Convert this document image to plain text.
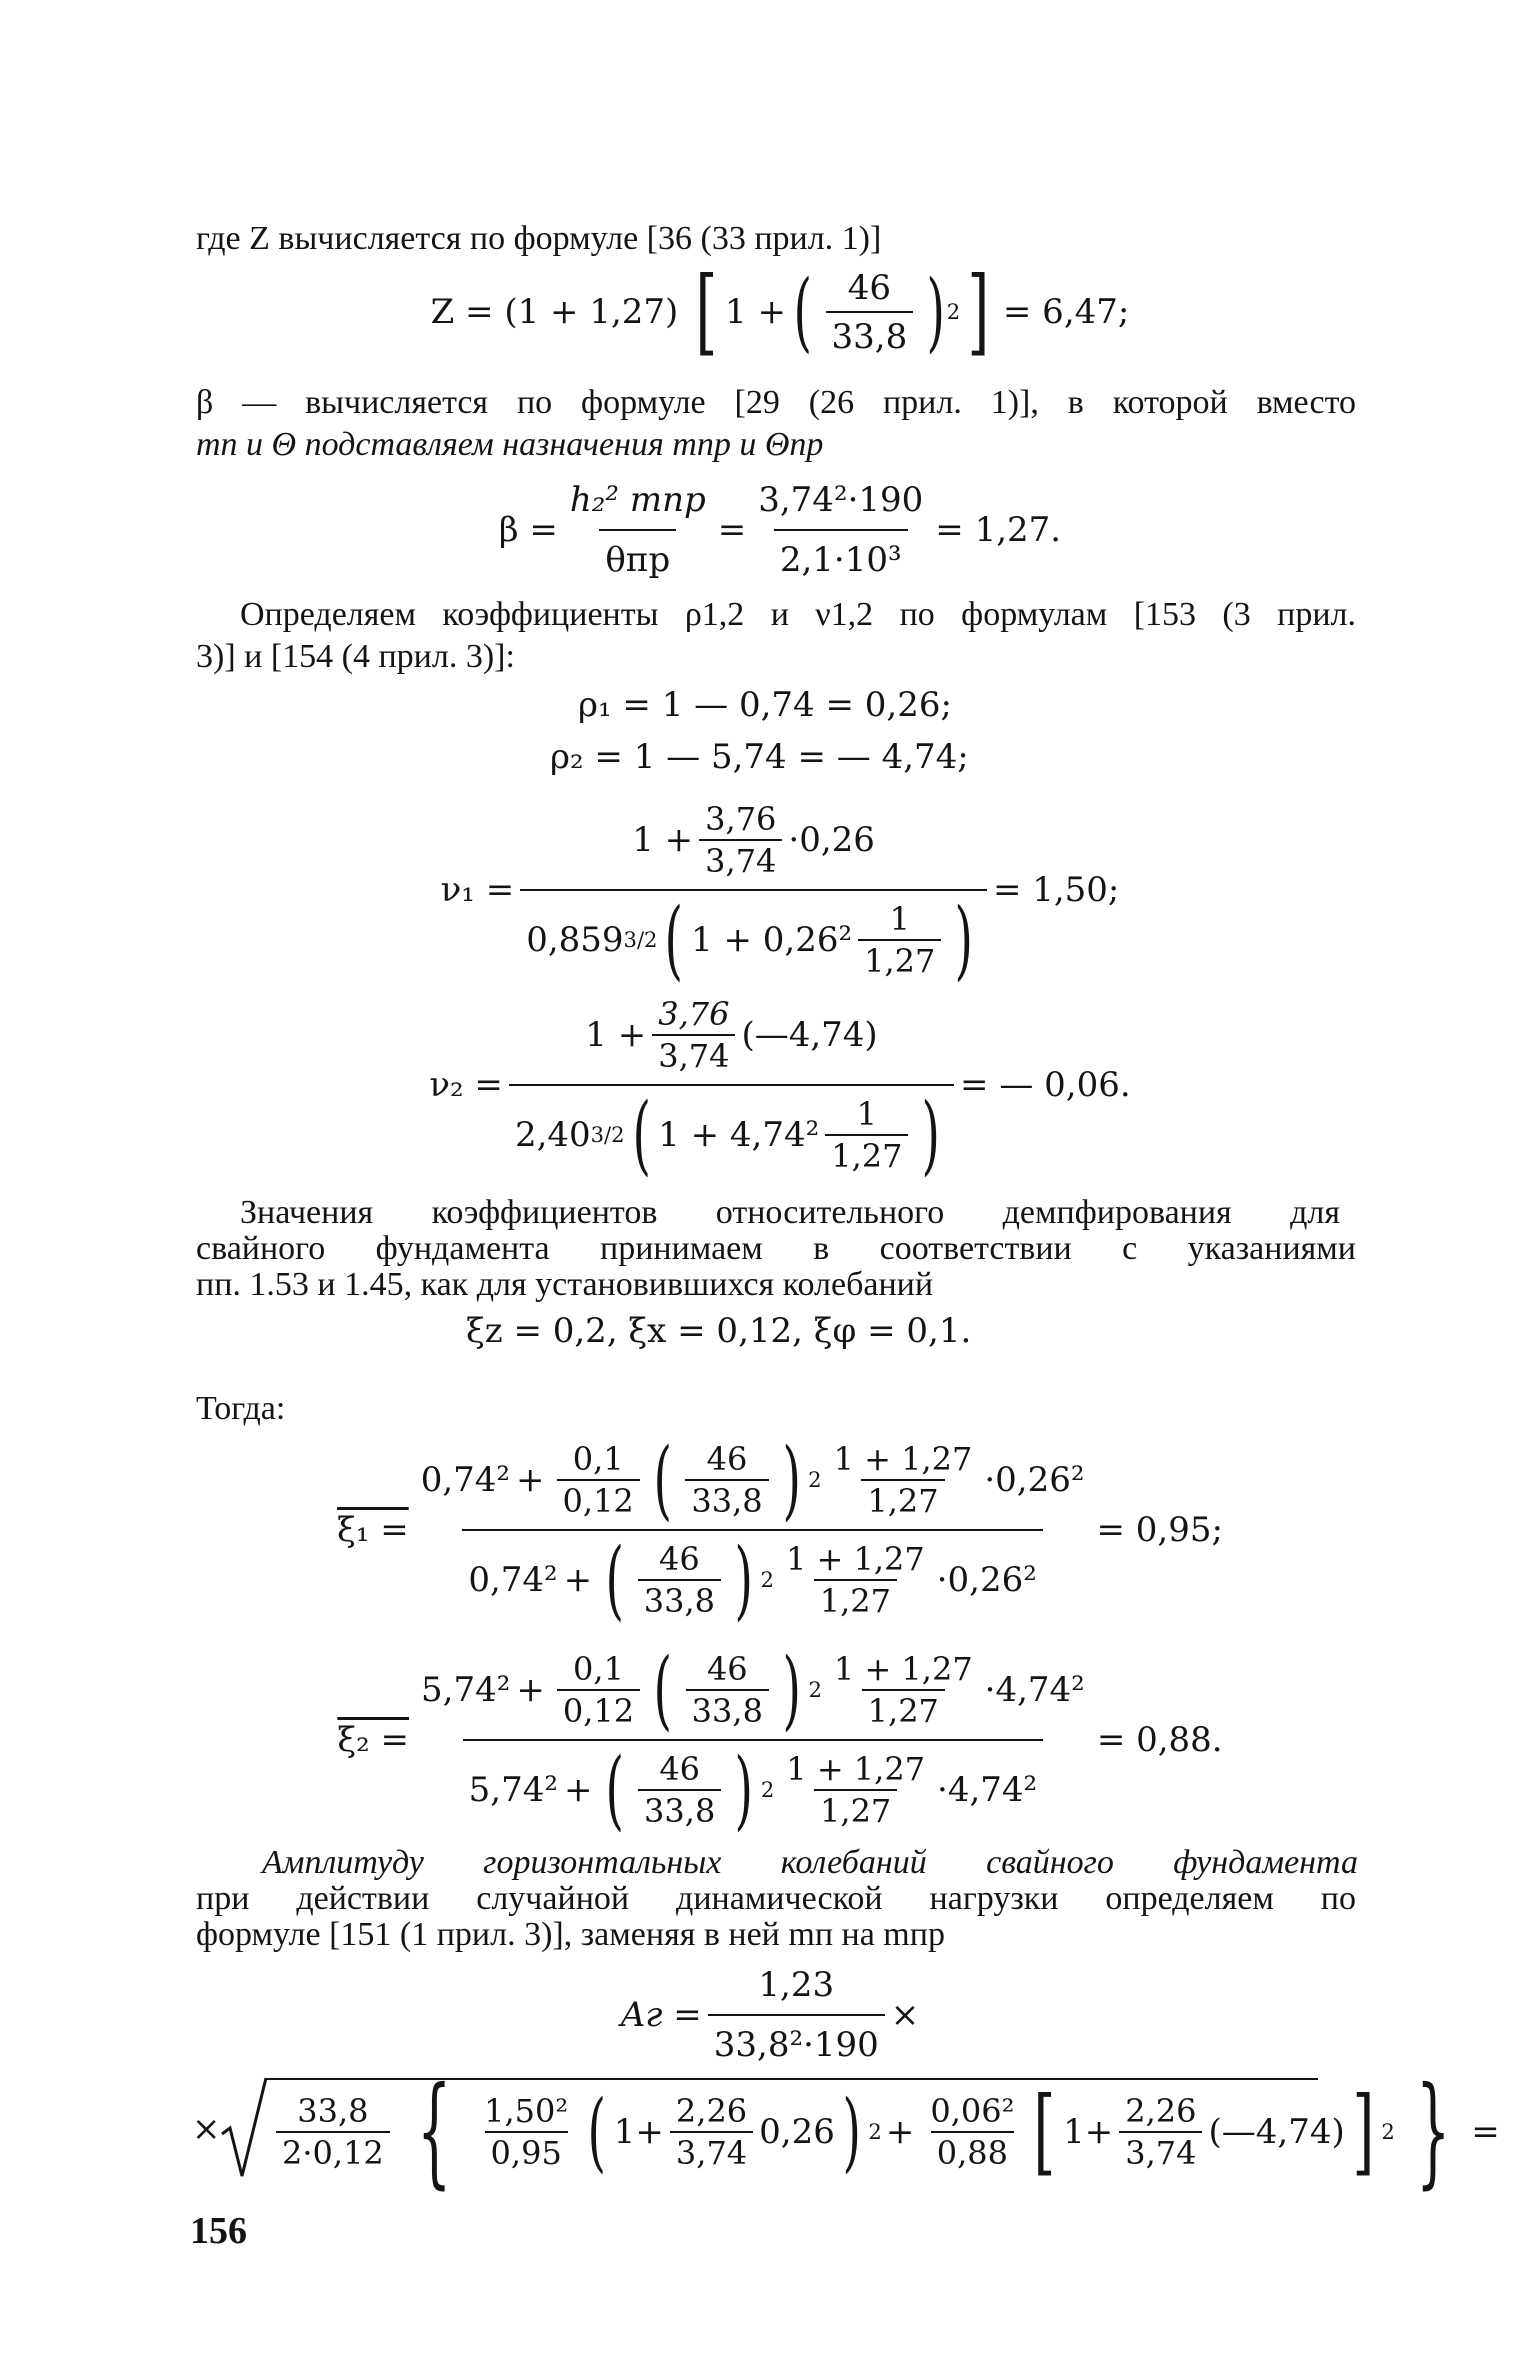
где Z вычисляется по формуле [36 (33 прил. 1)]
Z = (1 + 1,27) [ 1 + ( $\frac{46}{33,8}$ ) 2 ] = 6,47;
β — вычисляется по формуле [29 (26 прил. 1)], в которой вместо
mп и Θ подставляем назначения mпр и Θпр
$\beta = \frac{\text{h₂² mпр}}{\text{θпр}} = \frac{\text{3,74²·190}}{\text{2,1·10³}} = 1,27$.
Определяем коэффициенты ρ1,2 и ν1,2 по формулам [153 (3 прил.
3)] и [154 (4 прил. 3)]:
ρ₁ = 1 — 0,74 = 0,26;
ρ₂ = 1 — 5,74 = — 4,74;
$\nu_1 = \frac{1 + \frac{3,76}{3,74} \cdot 0,26}{0,859 3/2 ( 1 + 0,26^2 \frac{1}{1,27} )} = 1,50$;
$\nu_2 = \frac{1 + \frac{3,76}{3,74} (—4,74)}{2,40 3/2 ( 1 + 4,74^2 \frac{1}{1,27} )}$ = — 0,06.
Значения коэффициентов относительного демпфирования для
свайного фундамента принимаем в соответствии с указаниями
пп. 1.53 и 1.45, как для установившихся колебаний
ξz = 0,2, ξx = 0,12, ξφ = 0,1.
Тогда:
ξ₁ =
$0,74^2 + \frac{0,1}{0,12}$ ( $\frac{46}{33,8}$ ) $2 \frac{1 + 1,27}{1,27} \cdot 0,26^2$
0,74² + ( $\frac{46}{33,8}$ ) $2 \frac{1 + 1,27}{1,27} \cdot 0,26^2$
= 0,95;
ξ₂ =
$5,74^2 + \frac{0,1}{0,12}$ ( $\frac{46}{33,8}$ ) $2 \frac{1 + 1,27}{1,27} \cdot 4,74^2$
5,74² + ( $\frac{46}{33,8}$ ) $2 \frac{1 + 1,27}{1,27} \cdot 4,74^2$
= 0,88.
Амплитуду горизонтальных колебаний свайного фундамента
при действии случайной динамической нагрузки определяем по
формуле [151 (1 прил. 3)], заменяя в ней mп на mпр
Aг = $\frac{1,23}{\text{33,8²·190}}$ ×
× $\frac{33,8}{2\cdot 0,12}$ { $\frac{\text{1,50²}}{0,95}$ ( $1+ \frac{2,26}{3,74} 0,26$ ) $2 + \frac{\text{0,06²}}{0,88}$ [ $1+ \frac{2,26}{3,74}$ (—4,74) ] 2 } =
156
